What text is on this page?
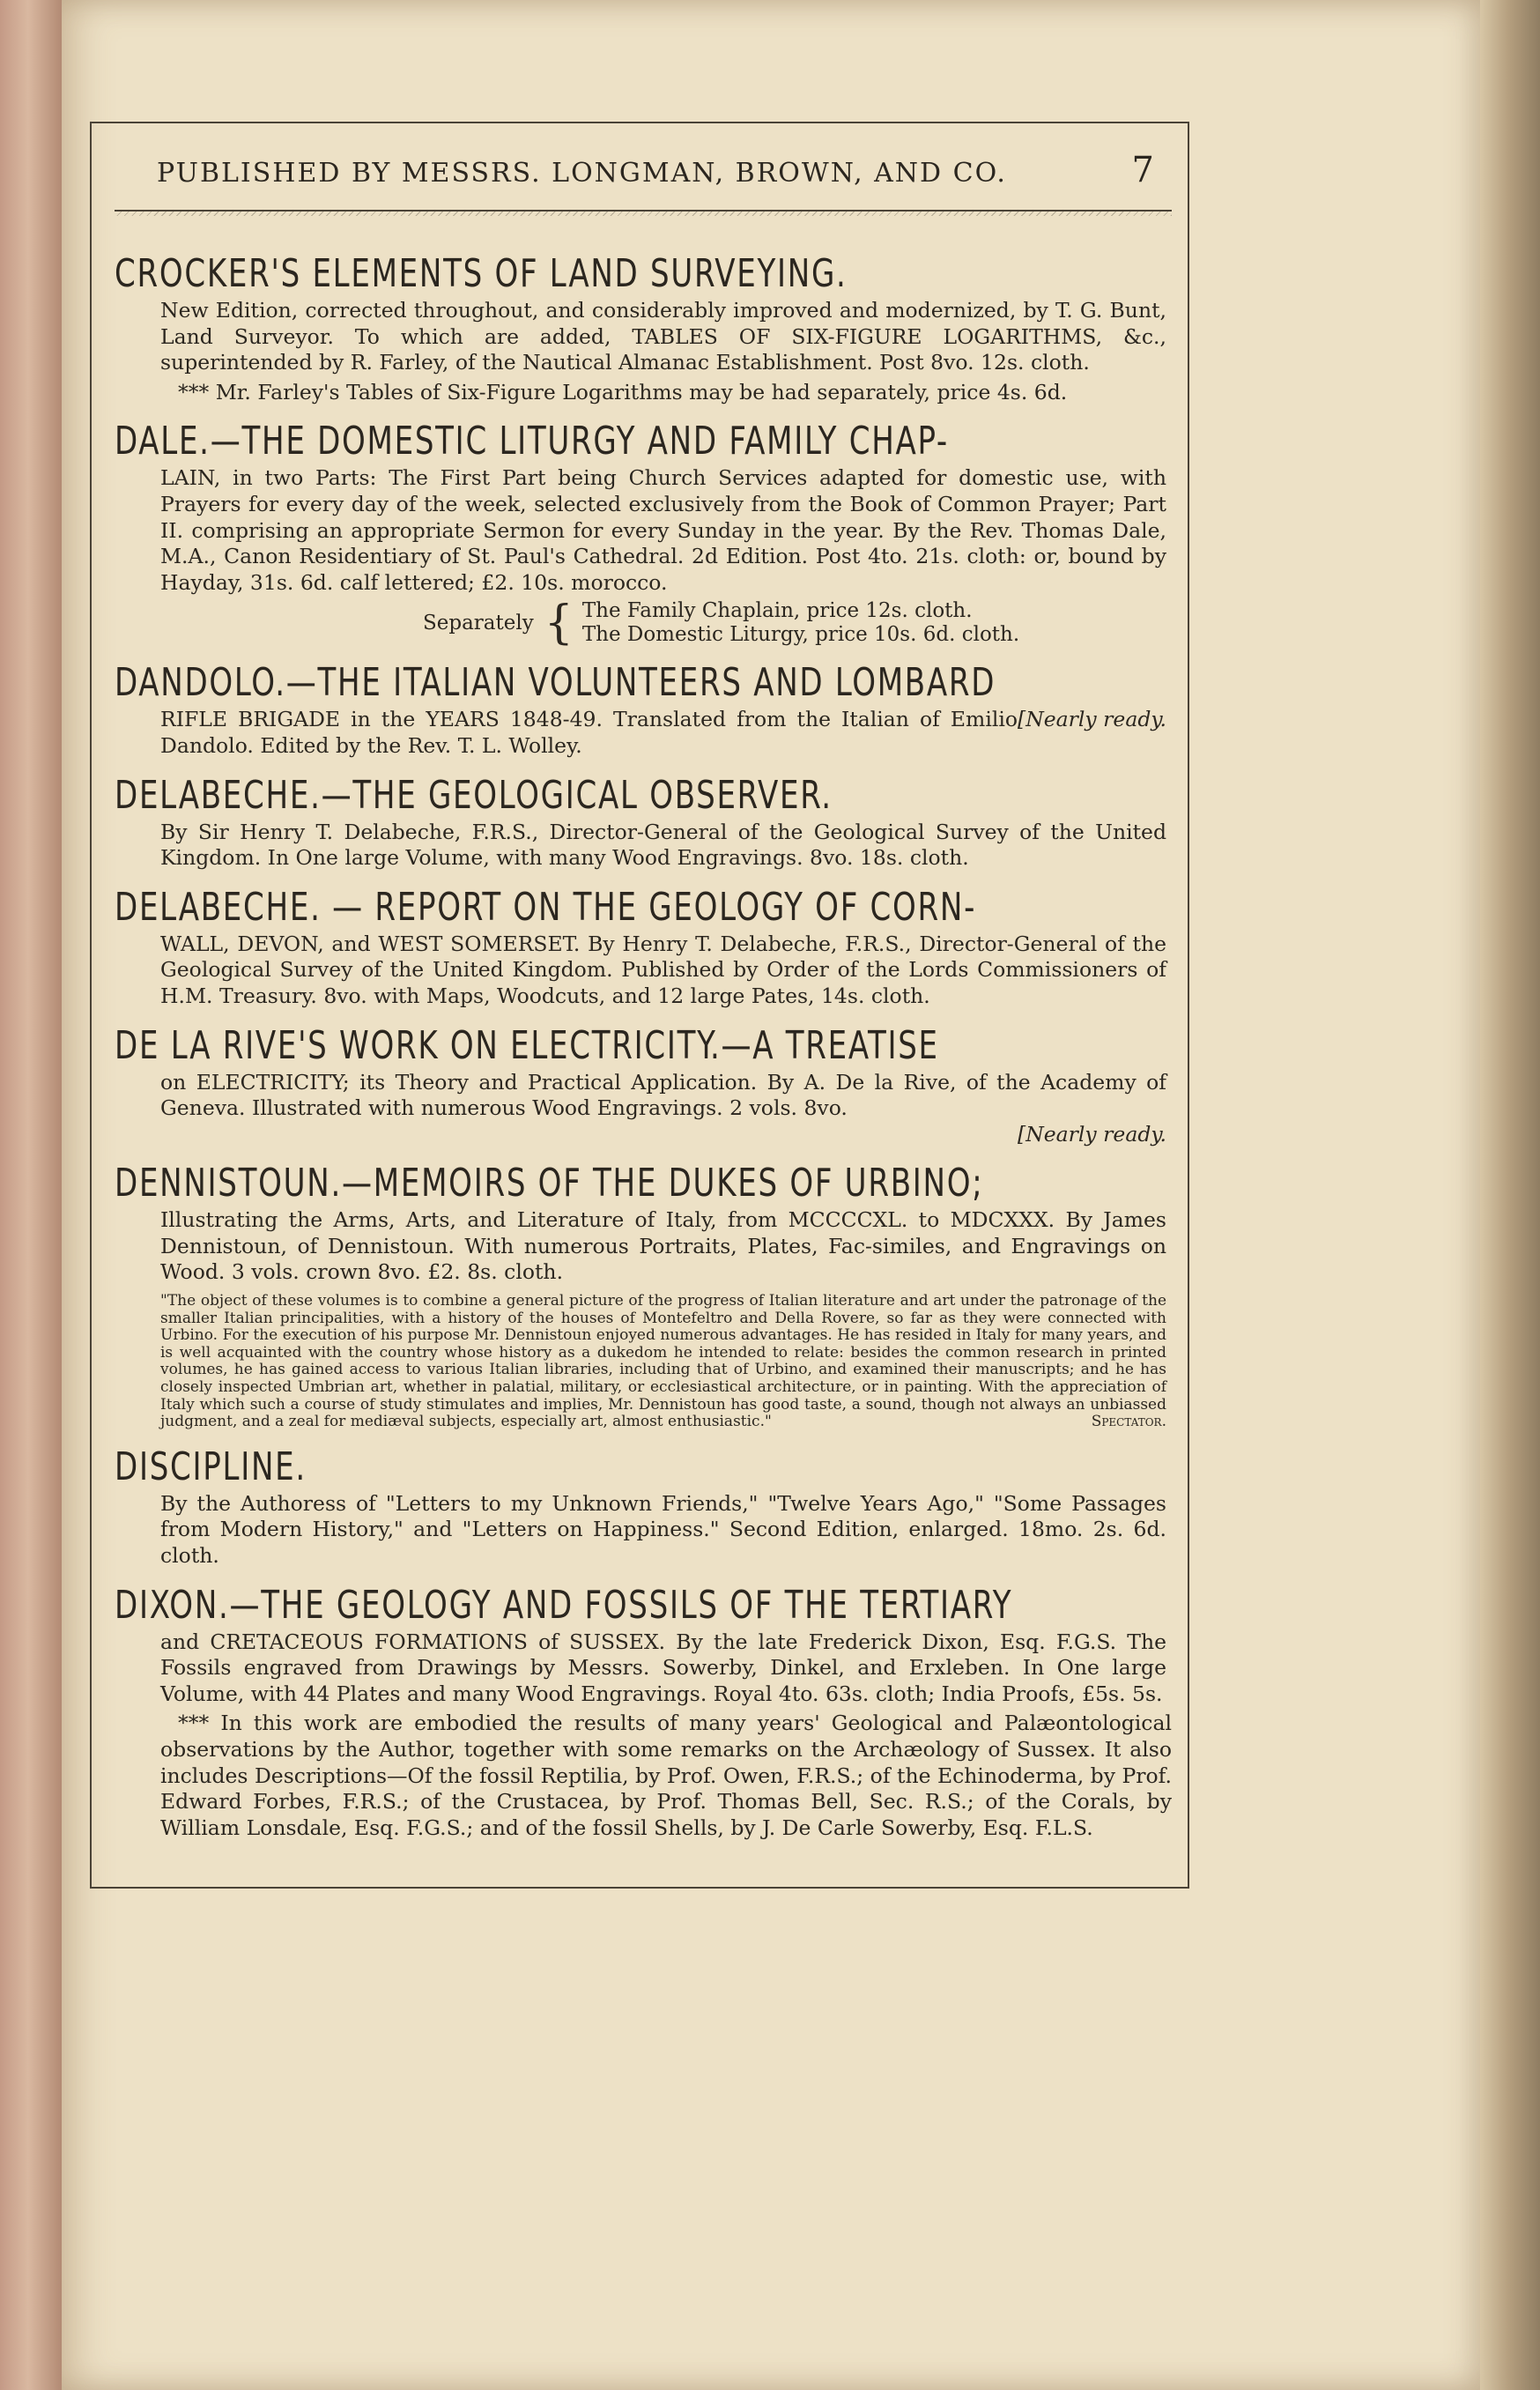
PUBLISHED BY MESSRS. LONGMAN, BROWN, AND CO.	7
CROCKER'S ELEMENTS OF LAND SURVEYING.
New Edition, corrected throughout, and considerably improved and modernized, by T. G. Bunt, Land Surveyor. To which are added, TABLES OF SIX-FIGURE LOGARITHMS, &c., superintended by R. Farley, of the Nautical Almanac Establishment. Post 8vo. 12s. cloth.
*** Mr. Farley's Tables of Six-Figure Logarithms may be had separately, price 4s. 6d.
DALE.—THE DOMESTIC LITURGY AND FAMILY CHAP-
LAIN, in two Parts: The First Part being Church Services adapted for domestic use, with Prayers for every day of the week, selected exclusively from the Book of Common Prayer; Part II. comprising an appropriate Sermon for every Sunday in the year. By the Rev. Thomas Dale, M.A., Canon Residentiary of St. Paul's Cathedral. 2d Edition. Post 4to. 21s. cloth: or, bound by Hayday, 31s. 6d. calf lettered; £2. 10s. morocco.
Separately { The Family Chaplain, price 12s. cloth.
The Domestic Liturgy, price 10s. 6d. cloth.
DANDOLO.—THE ITALIAN VOLUNTEERS AND LOMBARD
[Nearly ready.
RIFLE BRIGADE in the YEARS 1848-49. Translated from the Italian of Emilio Dandolo. Edited by the Rev. T. L. Wolley.
DELABECHE.—THE GEOLOGICAL OBSERVER.
By Sir Henry T. Delabeche, F.R.S., Director-General of the Geological Survey of the United Kingdom. In One large Volume, with many Wood Engravings. 8vo. 18s. cloth.
DELABECHE. — REPORT ON THE GEOLOGY OF CORN-
WALL, DEVON, and WEST SOMERSET. By Henry T. Delabeche, F.R.S., Director-General of the Geological Survey of the United Kingdom. Published by Order of the Lords Commissioners of H.M. Treasury. 8vo. with Maps, Woodcuts, and 12 large Pates, 14s. cloth.
DE LA RIVE'S WORK ON ELECTRICITY.—A TREATISE
on ELECTRICITY; its Theory and Practical Application. By A. De la Rive, of the Academy of Geneva. Illustrated with numerous Wood Engravings. 2 vols. 8vo.
[Nearly ready.
DENNISTOUN.—MEMOIRS OF THE DUKES OF URBINO;
Illustrating the Arms, Arts, and Literature of Italy, from MCCCCXL. to MDCXXX. By James Dennistoun, of Dennistoun. With numerous Portraits, Plates, Fac-similes, and Engravings on Wood. 3 vols. crown 8vo. £2. 8s. cloth.
"The object of these volumes is to combine a general picture of the progress of Italian literature and art under the patronage of the smaller Italian principalities, with a history of the houses of Montefeltro and Della Rovere, so far as they were connected with Urbino. For the execution of his purpose Mr. Dennistoun enjoyed numerous advantages. He has resided in Italy for many years, and is well acquainted with the country whose history as a dukedom he intended to relate: besides the common research in printed volumes, he has gained access to various Italian libraries, including that of Urbino, and examined their manuscripts; and he has closely inspected Umbrian art, whether in palatial, military, or ecclesiastical architecture, or in painting. With the appreciation of Italy which such a course of study stimulates and implies, Mr. Dennistoun has good taste, a sound, though not always an unbiassed judgment, and a zeal for mediæval subjects, especially art, almost enthusiastic."	Spectator.
DISCIPLINE.
By the Authoress of "Letters to my Unknown Friends," "Twelve Years Ago," "Some Passages from Modern History," and "Letters on Happiness." Second Edition, enlarged. 18mo. 2s. 6d. cloth.
DIXON.—THE GEOLOGY AND FOSSILS OF THE TERTIARY
and CRETACEOUS FORMATIONS of SUSSEX. By the late Frederick Dixon, Esq. F.G.S. The Fossils engraved from Drawings by Messrs. Sowerby, Dinkel, and Erxleben. In One large Volume, with 44 Plates and many Wood Engravings. Royal 4to. 63s. cloth; India Proofs, £5s. 5s.
*** In this work are embodied the results of many years' Geological and Palæontological observations by the Author, together with some remarks on the Archæology of Sussex. It also includes Descriptions—Of the fossil Reptilia, by Prof. Owen, F.R.S.; of the Echinoderma, by Prof. Edward Forbes, F.R.S.; of the Crustacea, by Prof. Thomas Bell, Sec. R.S.; of the Corals, by William Lonsdale, Esq. F.G.S.; and of the fossil Shells, by J. De Carle Sowerby, Esq. F.L.S.
